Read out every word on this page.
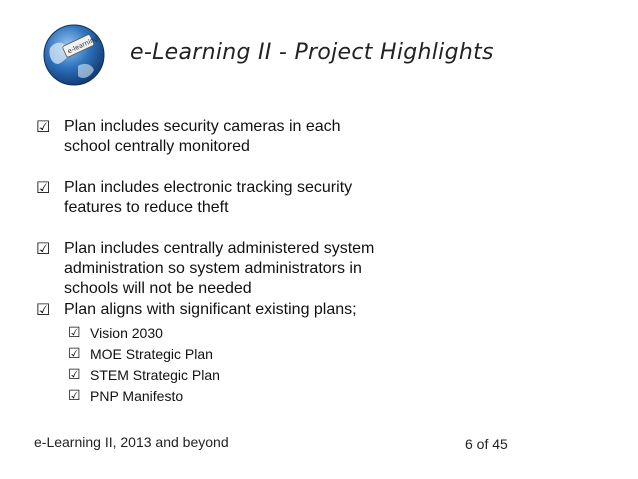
e-learning e-Learning II - Project Highlights
☑ Plan includes security cameras in each
school centrally monitored
☑ Plan includes electronic tracking security
features to reduce theft
☑ Plan includes centrally administered system
administration so system administrators in
schools will not be needed
☑ Plan aligns with significant existing plans;
☑ Vision 2030
☑ MOE Strategic Plan
☑ STEM Strategic Plan
☑ PNP Manifesto
e-Learning II, 2013 and beyond	6 of 45
